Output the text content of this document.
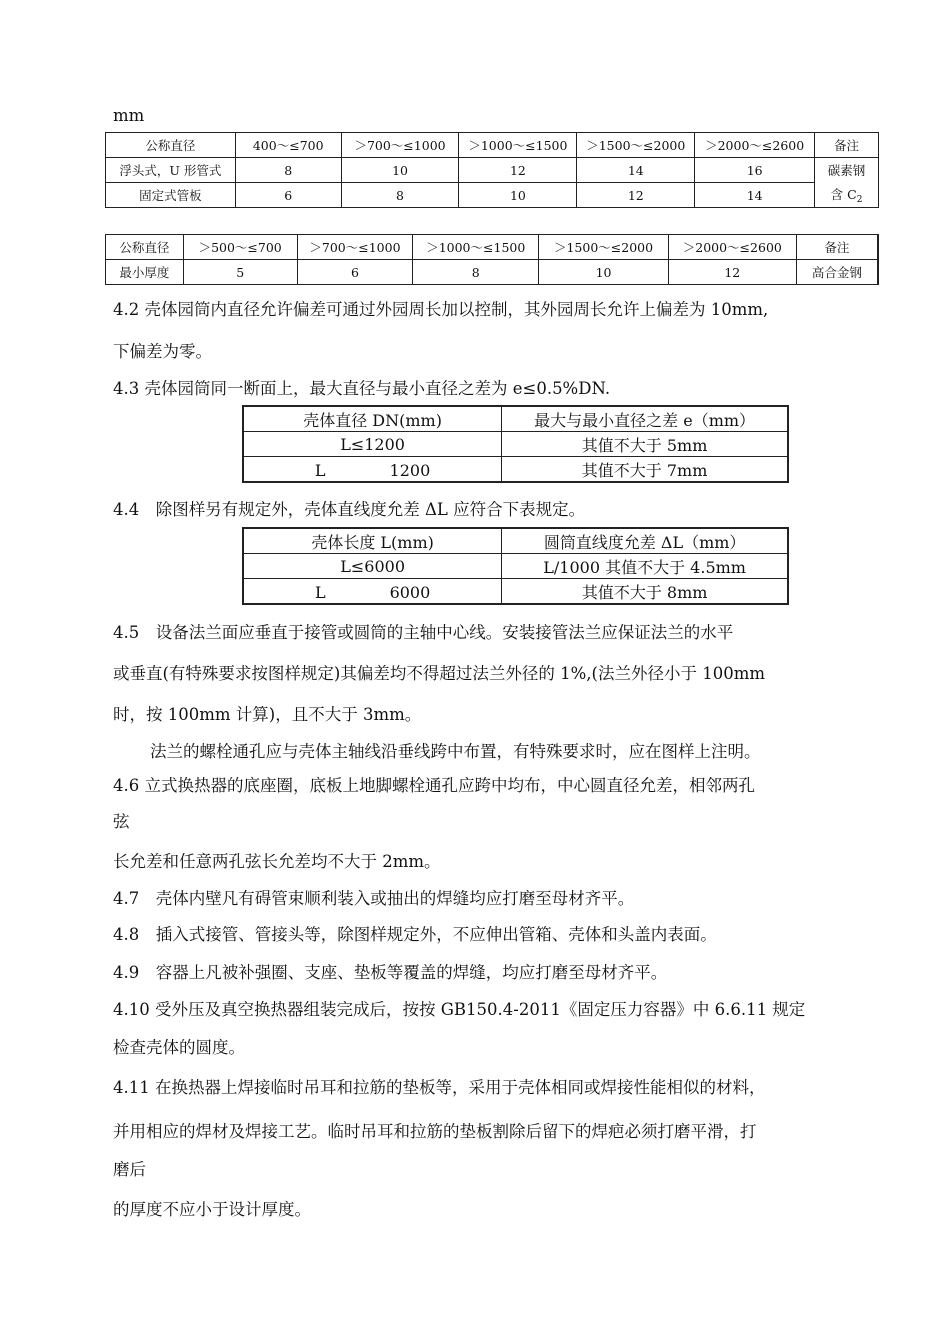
mm
公称直径	400～≤700	＞700～≤1000	＞1000～≤1500	＞1500～≤2000	＞2000～≤2600	备注
浮头式，U 形管式	8	10	12	14	16	碳素钢
固定式管板	6	8	10	12	14	含 $C_2$
公称直径	＞500～≤700	＞700～≤1000	＞1000～≤1500	＞1500～≤2000	＞2000～≤2600	备注
最小厚度	5	6	8	10	12	高合金钢
4.2 壳体园筒内直径允许偏差可通过外园周长加以控制，其外园周长允许上偏差为 10mm,
下偏差为零。
4.3 壳体园筒同一断面上，最大直径与最小直径之差为 e≤0.5%DN.
壳体直径 DN(mm)	最大与最小直径之差 e（mm）
L≤1200	其值不大于 5mm
L　　　　1200	其值不大于 7mm
4.4　除图样另有规定外，壳体直线度允差 ΔL 应符合下表规定。
壳体长度 L(mm)	圆筒直线度允差 ΔL（mm）
L≤6000	L/1000 其值不大于 4.5mm
L　　　　6000	其值不大于 8mm
4.5　设备法兰面应垂直于接管或圆筒的主轴中心线。安装接管法兰应保证法兰的水平
或垂直(有特殊要求按图样规定)其偏差均不得超过法兰外径的 1%,(法兰外径小于 100mm
时，按 100mm 计算)，且不大于 3mm。
法兰的螺栓通孔应与壳体主轴线沿垂线跨中布置，有特殊要求时，应在图样上注明。
4.6 立式换热器的底座圈，底板上地脚螺栓通孔应跨中均布，中心圆直径允差，相邻两孔
弦
长允差和任意两孔弦长允差均不大于 2mm。
4.7　壳体内壁凡有碍管束顺利装入或抽出的焊缝均应打磨至母材齐平。
4.8　插入式接管、管接头等，除图样规定外，不应伸出管箱、壳体和头盖内表面。
4.9　容器上凡被补强圈、支座、垫板等覆盖的焊缝，均应打磨至母材齐平。
4.10 受外压及真空换热器组装完成后，按按 GB150.4-2011《固定压力容器》中 6.6.11 规定
检查壳体的圆度。
4.11 在换热器上焊接临时吊耳和拉筋的垫板等，采用于壳体相同或焊接性能相似的材料，
并用相应的焊材及焊接工艺。临时吊耳和拉筋的垫板割除后留下的焊疤必须打磨平滑，打
磨后
的厚度不应小于设计厚度。
